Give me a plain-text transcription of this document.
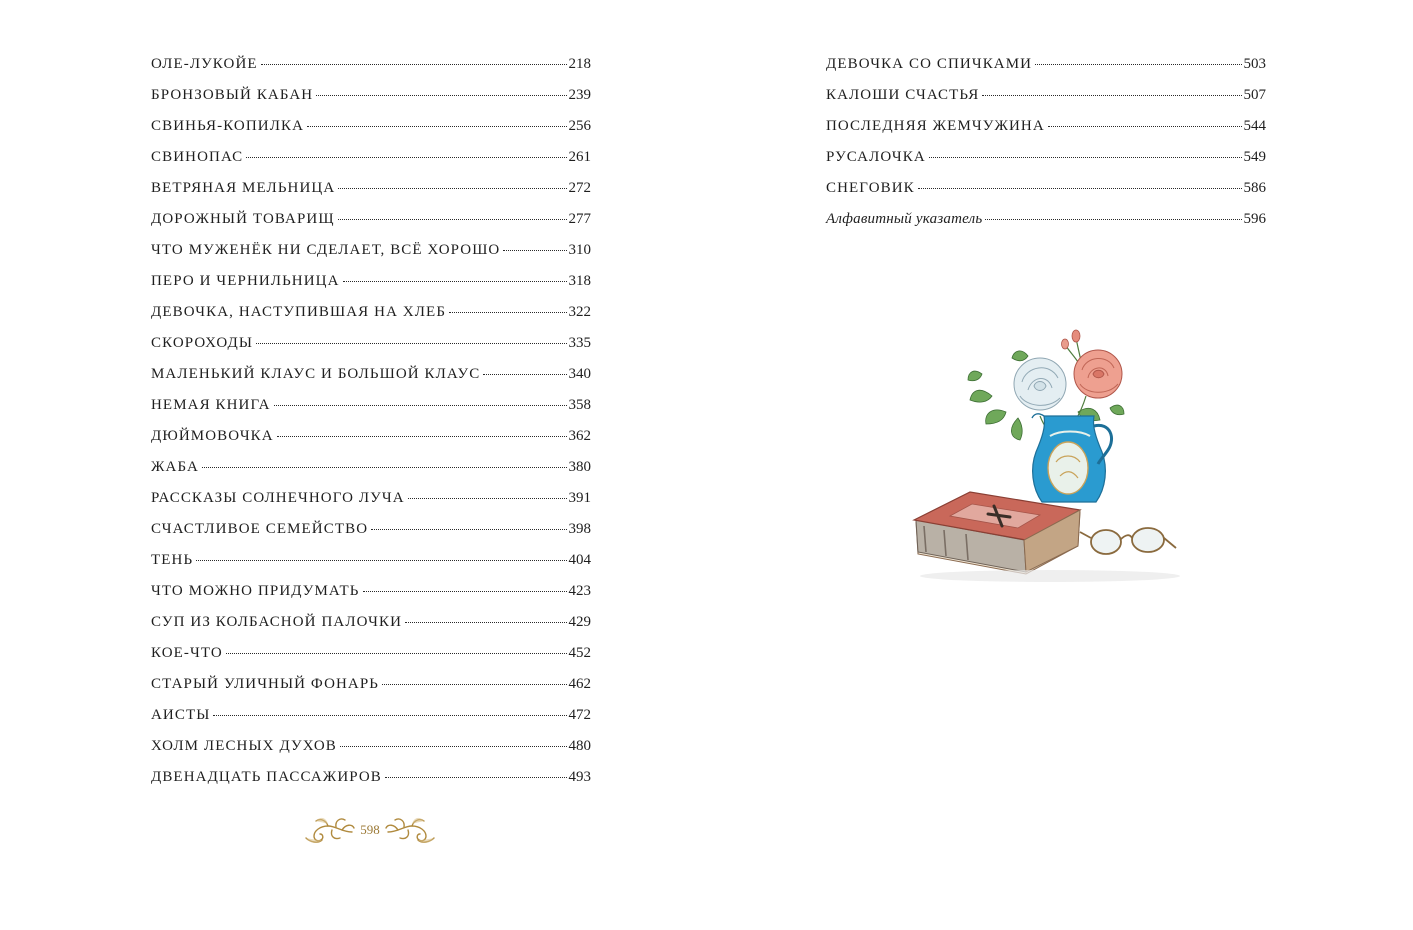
ОЛЕ-ЛУКОЙЕ	218
БРОНЗОВЫЙ КАБАН	239
СВИНЬЯ-КОПИЛКА	256
СВИНОПАС	261
ВЕТРЯНАЯ МЕЛЬНИЦА	272
ДОРОЖНЫЙ ТОВАРИЩ	277
ЧТО МУЖЕНЁК НИ СДЕЛАЕТ, ВСЁ ХОРОШО	310
ПЕРО И ЧЕРНИЛЬНИЦА	318
ДЕВОЧКА, НАСТУПИВШАЯ НА ХЛЕБ	322
СКОРОХОДЫ	335
МАЛЕНЬКИЙ КЛАУС И БОЛЬШОЙ КЛАУС	340
НЕМАЯ КНИГА	358
ДЮЙМОВОЧКА	362
ЖАБА	380
РАССКАЗЫ СОЛНЕЧНОГО ЛУЧА	391
СЧАСТЛИВОЕ СЕМЕЙСТВО	398
ТЕНЬ	404
ЧТО МОЖНО ПРИДУМАТЬ	423
СУП ИЗ КОЛБАСНОЙ ПАЛОЧКИ	429
КОЕ-ЧТО	452
СТАРЫЙ УЛИЧНЫЙ ФОНАРЬ	462
АИСТЫ	472
ХОЛМ ЛЕСНЫХ ДУХОВ	480
ДВЕНАДЦАТЬ ПАССАЖИРОВ	493
598
ДЕВОЧКА СО СПИЧКАМИ	503
КАЛОШИ СЧАСТЬЯ	507
ПОСЛЕДНЯЯ ЖЕМЧУЖИНА	544
РУСАЛОЧКА	549
СНЕГОВИК	586
Алфавитный указатель	596
